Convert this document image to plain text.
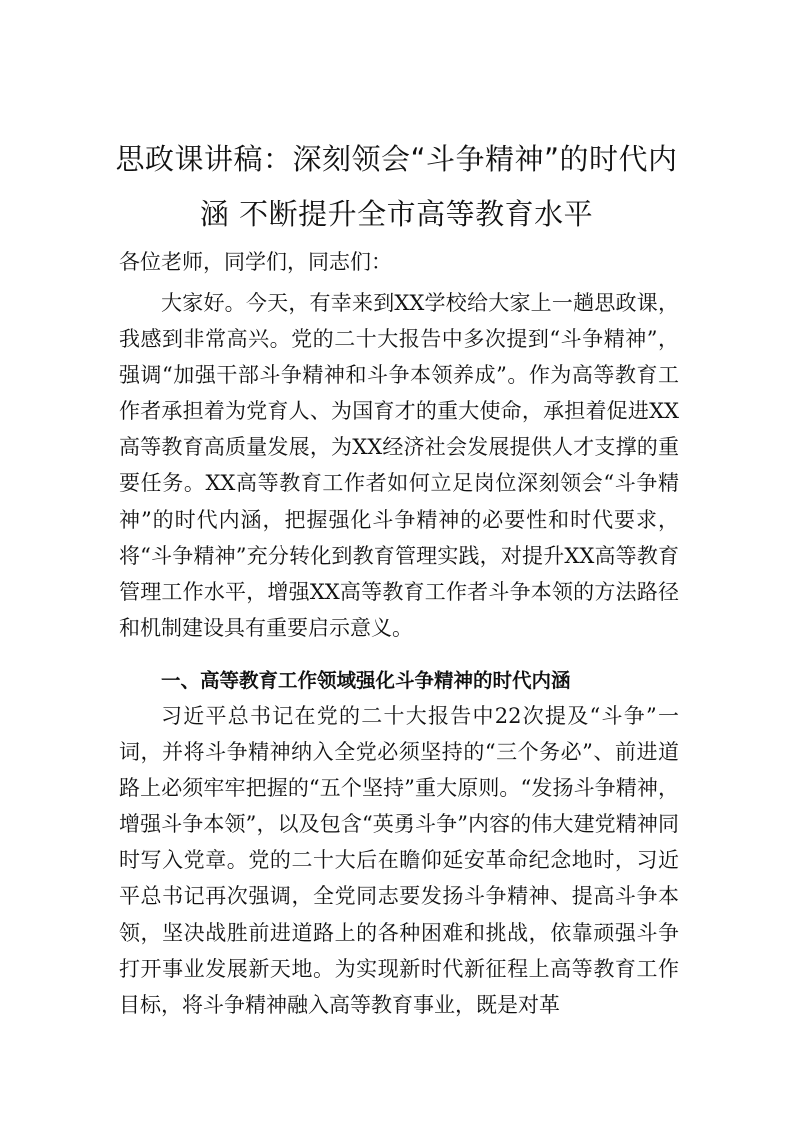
思政课讲稿：深刻领会“斗争精神”的时代内
涵 不断提升全市高等教育水平

各位老师，同学们，同志们：

大家好。今天，有幸来到XX学校给大家上一趟思政课，我感到非常高兴。党的二十大报告中多次提到“斗争精神”，强调“加强干部斗争精神和斗争本领养成”。作为高等教育工作者承担着为党育人、为国育才的重大使命，承担着促进XX高等教育高质量发展，为XX经济社会发展提供人才支撑的重要任务。XX高等教育工作者如何立足岗位深刻领会“斗争精神”的时代内涵，把握强化斗争精神的必要性和时代要求，将“斗争精神”充分转化到教育管理实践，对提升XX高等教育管理工作水平，增强XX高等教育工作者斗争本领的方法路径和机制建设具有重要启示意义。

一、高等教育工作领域强化斗争精神的时代内涵

习近平总书记在党的二十大报告中22次提及“斗争”一词，并将斗争精神纳入全党必须坚持的“三个务必”、前进道路上必须牢牢把握的“五个坚持”重大原则。“发扬斗争精神，增强斗争本领”，以及包含“英勇斗争”内容的伟大建党精神同时写入党章。党的二十大后在瞻仰延安革命纪念地时，习近平总书记再次强调，全党同志要发扬斗争精神、提高斗争本领，坚决战胜前进道路上的各种困难和挑战，依靠顽强斗争打开事业发展新天地。为实现新时代新征程上高等教育工作目标，将斗争精神融入高等教育事业，既是对革
